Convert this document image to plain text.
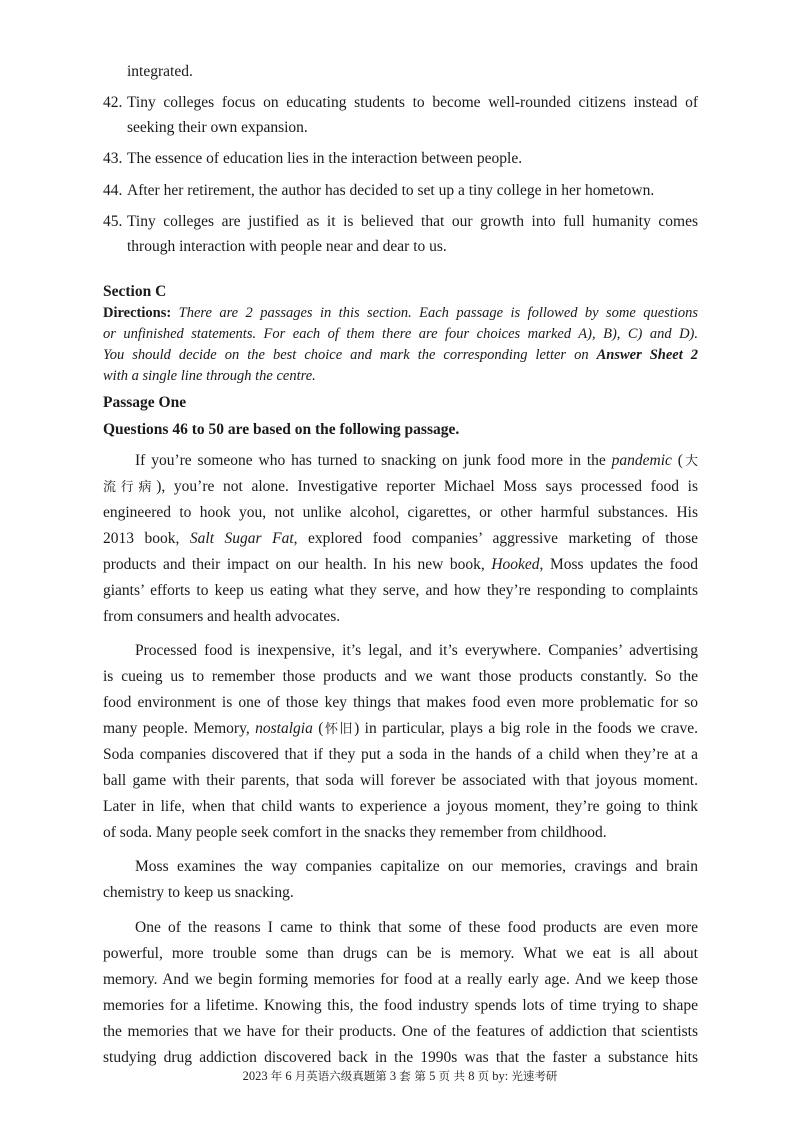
integrated.
42. Tiny colleges focus on educating students to become well-rounded citizens instead of
seeking their own expansion.
43. The essence of education lies in the interaction between people.
44. After her retirement, the author has decided to set up a tiny college in her hometown.
45. Tiny colleges are justified as it is believed that our growth into full humanity comes
through interaction with people near and dear to us.
Section C
Directions: There are 2 passages in this section. Each passage is followed by some questions
or unfinished statements. For each of them there are four choices marked A), B), C) and D).
You should decide on the best choice and mark the corresponding letter on Answer Sheet 2
with a single line through the centre.
Passage One
Questions 46 to 50 are based on the following passage.
If you’re someone who has turned to snacking on junk food more in the pandemic (大
流行病), you’re not alone. Investigative reporter Michael Moss says processed food is
engineered to hook you, not unlike alcohol, cigarettes, or other harmful substances. His
2013 book, Salt Sugar Fat, explored food companies’ aggressive marketing of those
products and their impact on our health. In his new book, Hooked, Moss updates the food
giants’ efforts to keep us eating what they serve, and how they’re responding to complaints
from consumers and health advocates.
Processed food is inexpensive, it’s legal, and it’s everywhere. Companies’ advertising
is cueing us to remember those products and we want those products constantly. So the
food environment is one of those key things that makes food even more problematic for so
many people. Memory, nostalgia (怀旧) in particular, plays a big role in the foods we crave.
Soda companies discovered that if they put a soda in the hands of a child when they’re at a
ball game with their parents, that soda will forever be associated with that joyous moment.
Later in life, when that child wants to experience a joyous moment, they’re going to think
of soda. Many people seek comfort in the snacks they remember from childhood.
Moss examines the way companies capitalize on our memories, cravings and brain
chemistry to keep us snacking.
One of the reasons I came to think that some of these food products are even more
powerful, more trouble some than drugs can be is memory. What we eat is all about
memory. And we begin forming memories for food at a really early age. And we keep those
memories for a lifetime. Knowing this, the food industry spends lots of time trying to shape
the memories that we have for their products. One of the features of addiction that scientists
studying drug addiction discovered back in the 1990s was that the faster a substance hits
2023 年 6 月英语六级真题第 3 套 第 5 页 共 8 页 by: 光速考研
